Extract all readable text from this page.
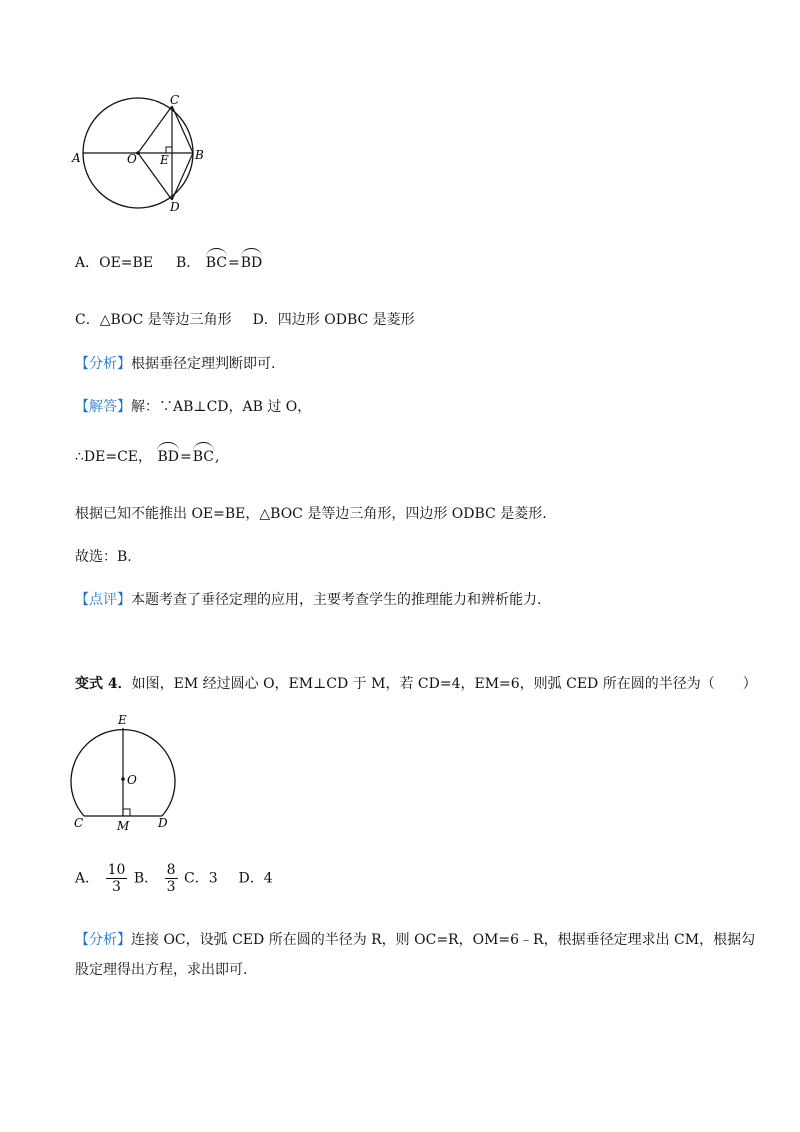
A	O E B
C
D
A．OE=BE B． BC=BD
C．△BOC 是等边三角形 D．四边形 ODBC 是菱形
【分析】根据垂径定理判断即可.
【解答】解：∵AB⊥CD，AB 过 O，
∴DE=CE， BD=BC,
根据已知不能推出 OE=BE，△BOC 是等边三角形，四边形 ODBC 是菱形.
故选：B.
【点评】本题考查了垂径定理的应用，主要考查学生的推理能力和辨析能力.
变式 4．如图，EM 经过圆心 O，EM⊥CD 于 M，若 CD=4，EM=6，则弧 CED 所在圆的半径为（　　）
E
O
C	M D
A． $\frac{10}{3}$ B． $\frac{8}{3}$ C．3 D．4
【分析】连接 OC，设弧 CED 所在圆的半径为 R，则 OC=R，OM=6﹣R，根据垂径定理求出 CM，根据勾
股定理得出方程，求出即可.
